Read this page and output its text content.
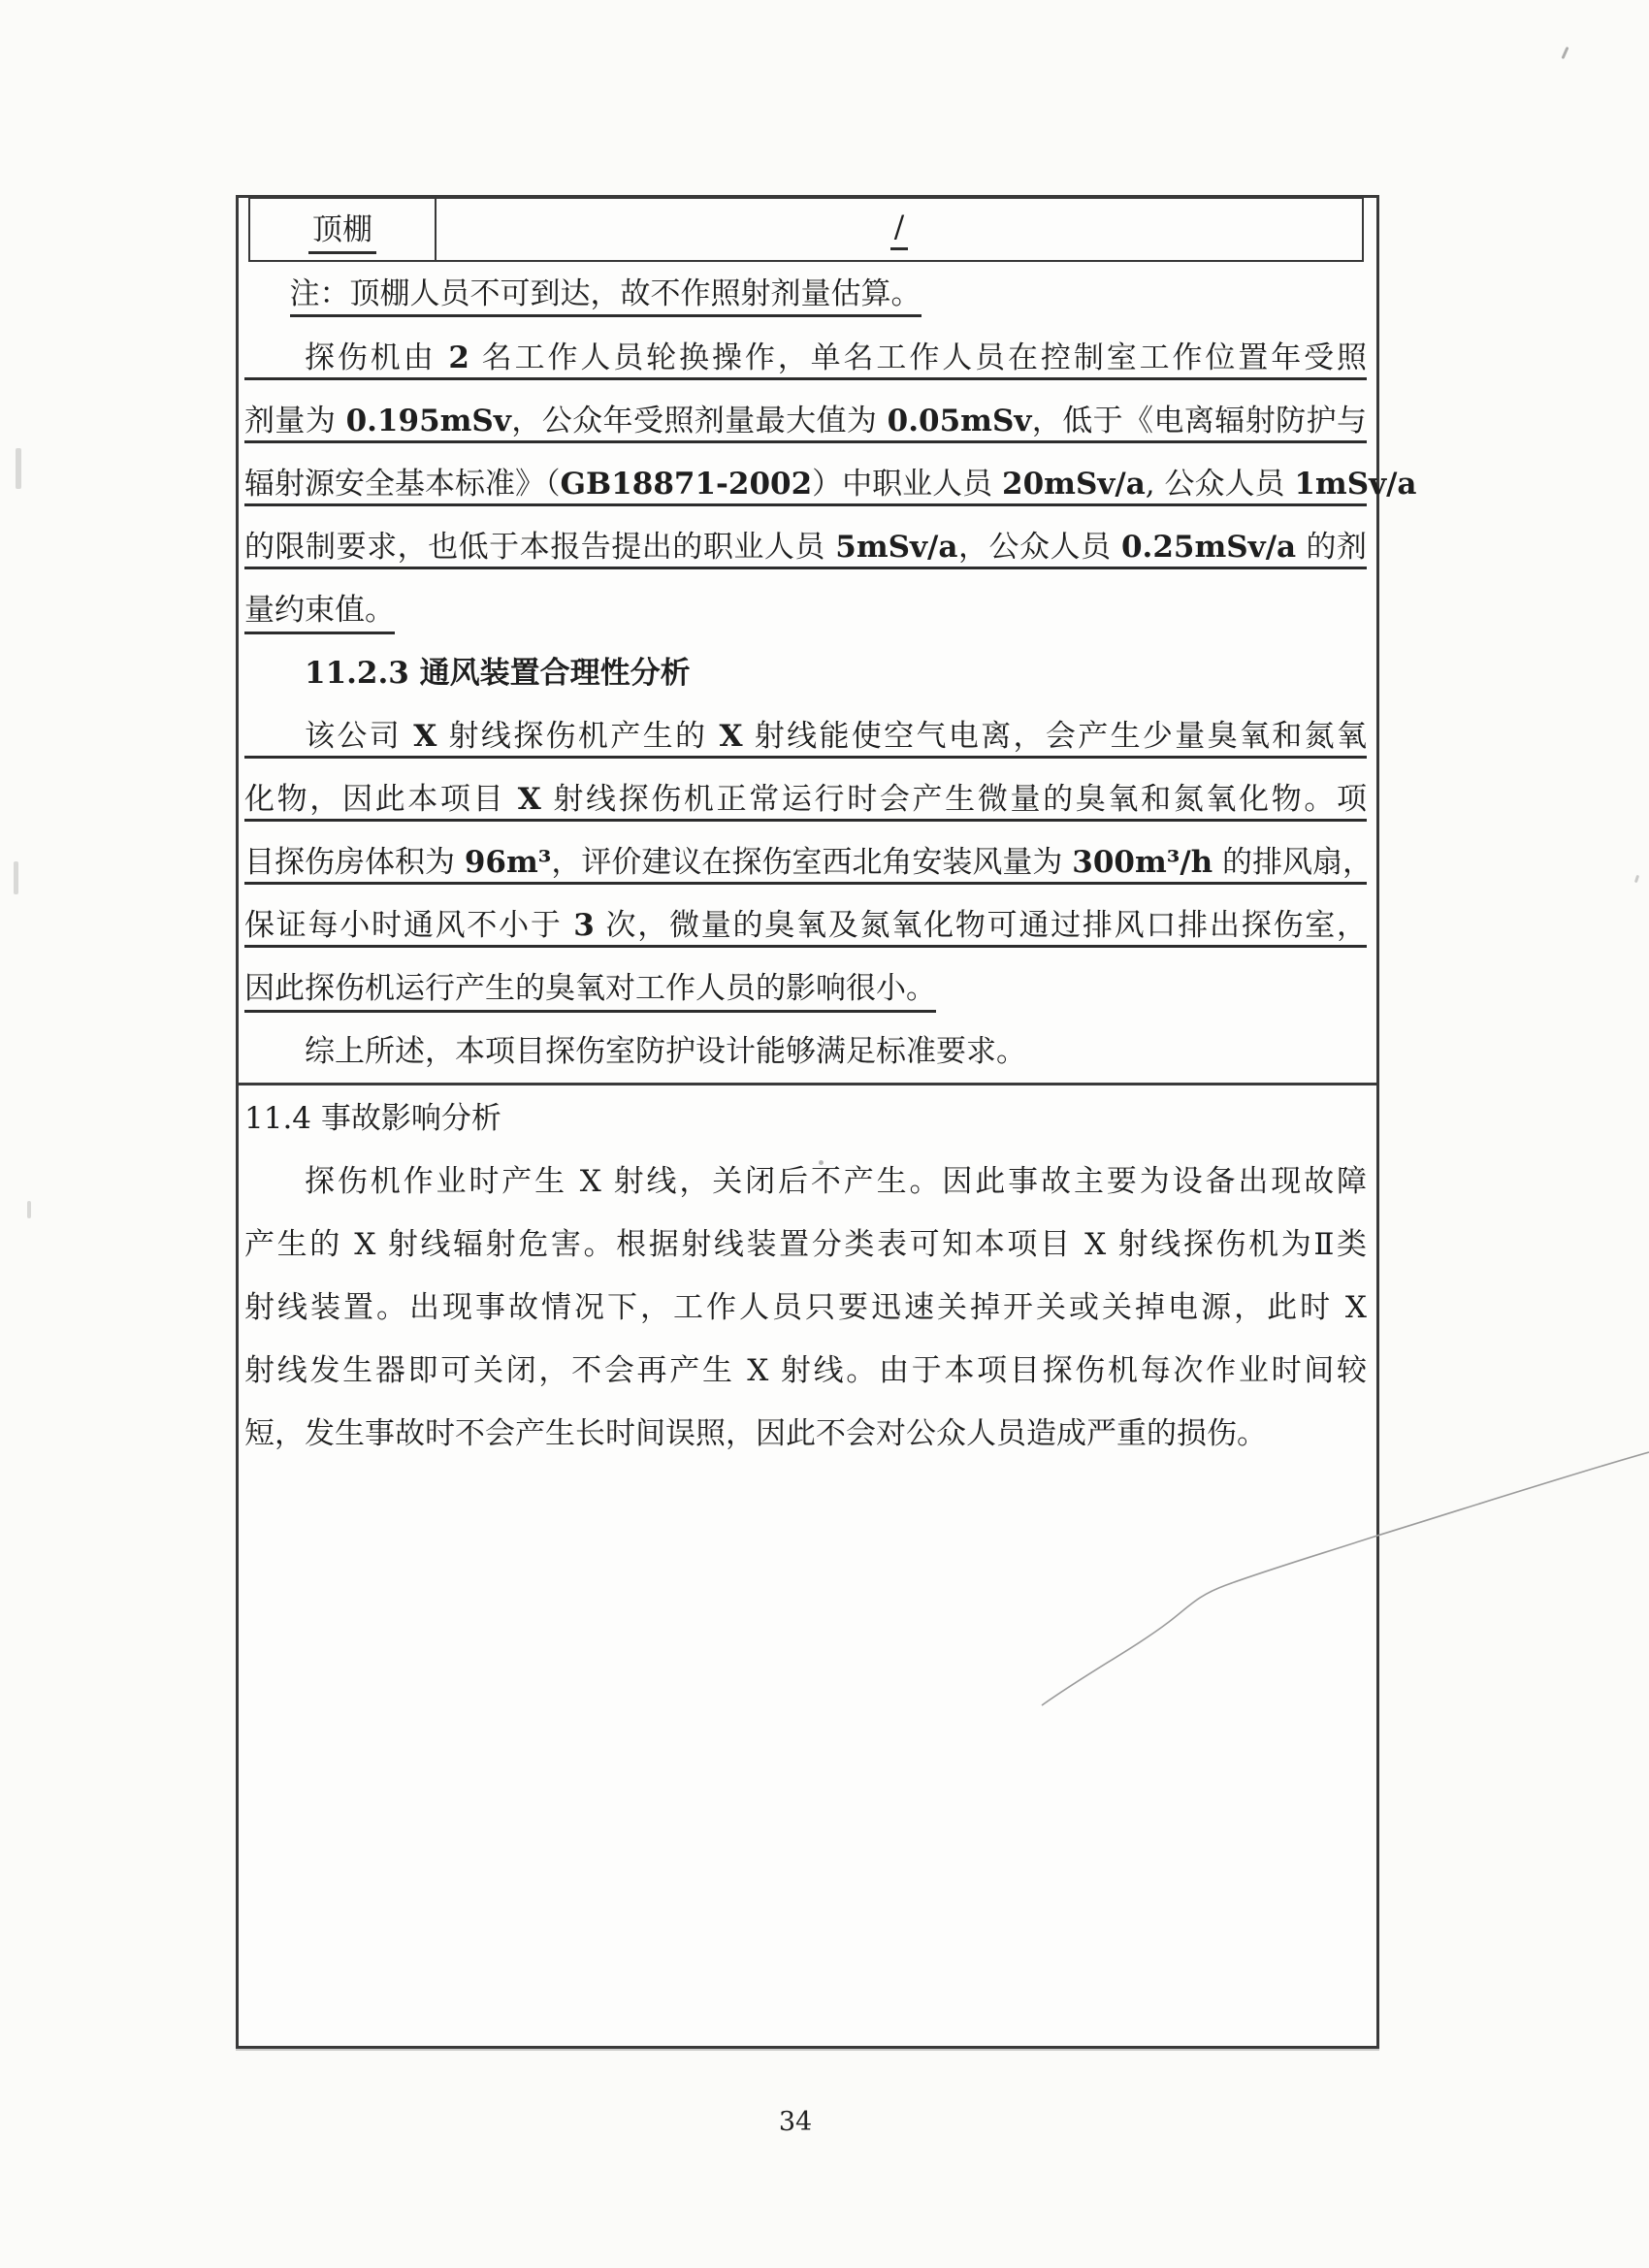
顶棚	/
注：顶棚人员不可到达，故不作照射剂量估算。
探伤机由 2 名工作人员轮换操作，单名工作人员在控制室工作位置年受照
剂量为 0.195mSv，公众年受照剂量最大值为 0.05mSv，低于《电离辐射防护与
辐射源安全基本标准》（GB18871-2002）中职业人员 20mSv/a, 公众人员 1mSv/a
的限制要求，也低于本报告提出的职业人员 5mSv/a，公众人员 0.25mSv/a 的剂
量约束值。
11.2.3 通风装置合理性分析
该公司 X 射线探伤机产生的 X 射线能使空气电离，会产生少量臭氧和氮氧
化物，因此本项目 X 射线探伤机正常运行时会产生微量的臭氧和氮氧化物。项
目探伤房体积为 96m³，评价建议在探伤室西北角安装风量为 300m³/h 的排风扇，
保证每小时通风不小于 3 次，微量的臭氧及氮氧化物可通过排风口排出探伤室，
因此探伤机运行产生的臭氧对工作人员的影响很小。
综上所述，本项目探伤室防护设计能够满足标准要求。
11.4 事故影响分析
探伤机作业时产生 X 射线，关闭后不产生。因此事故主要为设备出现故障
产生的 X 射线辐射危害。根据射线装置分类表可知本项目 X 射线探伤机为Ⅱ类
射线装置。出现事故情况下，工作人员只要迅速关掉开关或关掉电源，此时 X
射线发生器即可关闭，不会再产生 X 射线。由于本项目探伤机每次作业时间较
短，发生事故时不会产生长时间误照，因此不会对公众人员造成严重的损伤。
34
